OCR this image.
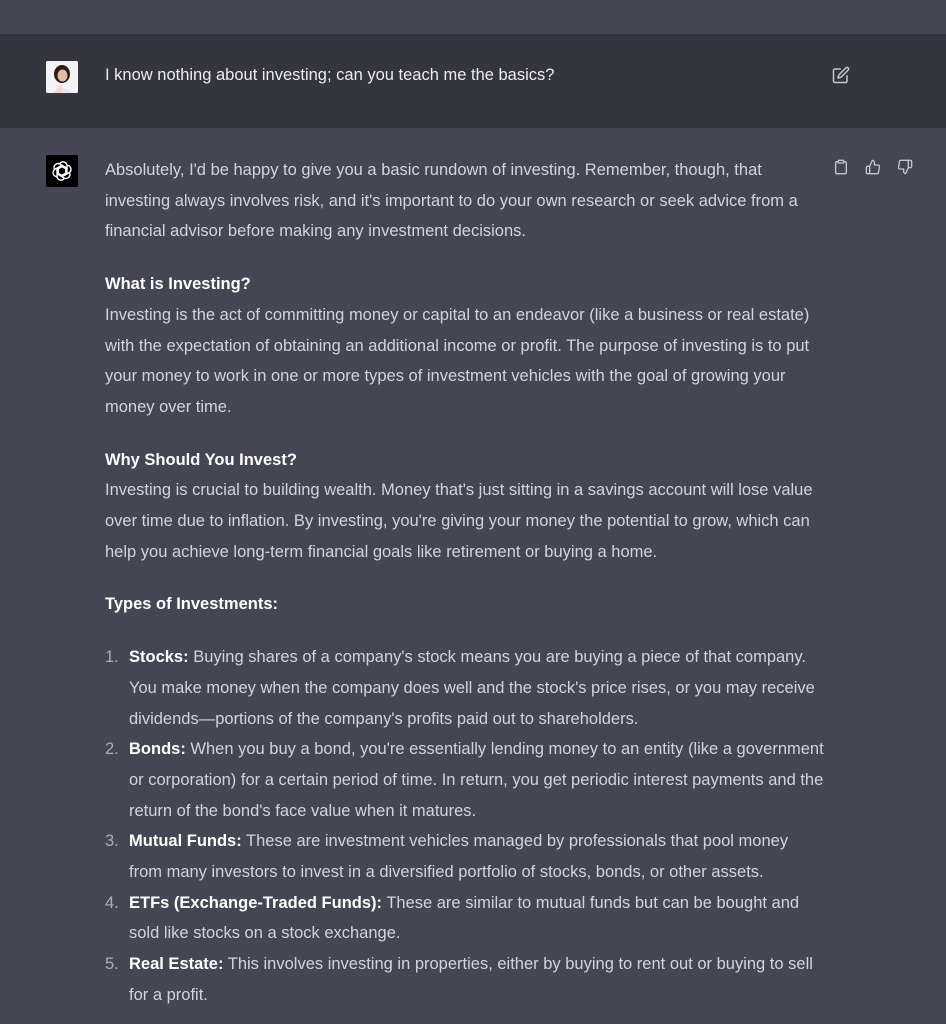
I know nothing about investing; can you teach me the basics?

Absolutely, I'd be happy to give you a basic rundown of investing. Remember, though, that investing always involves risk, and it's important to do your own research or seek advice from a financial advisor before making any investment decisions.

What is Investing?

Investing is the act of committing money or capital to an endeavor (like a business or real estate) with the expectation of obtaining an additional income or profit. The purpose of investing is to put your money to work in one or more types of investment vehicles with the goal of growing your money over time.

Why Should You Invest?

Investing is crucial to building wealth. Money that's just sitting in a savings account will lose value over time due to inflation. By investing, you're giving your money the potential to grow, which can help you achieve long-term financial goals like retirement or buying a home.

Types of Investments:
1. Stocks: Buying shares of a company's stock means you are buying a piece of that company. You make money when the company does well and the stock's price rises, or you may receive dividends—portions of the company's profits paid out to shareholders.
2. Bonds: When you buy a bond, you're essentially lending money to an entity (like a government or corporation) for a certain period of time. In return, you get periodic interest payments and the return of the bond's face value when it matures.
3. Mutual Funds: These are investment vehicles managed by professionals that pool money from many investors to invest in a diversified portfolio of stocks, bonds, or other assets.
4. ETFs (Exchange-Traded Funds): These are similar to mutual funds but can be bought and sold like stocks on a stock exchange.
5. Real Estate: This involves investing in properties, either by buying to rent out or buying to sell for a profit.
